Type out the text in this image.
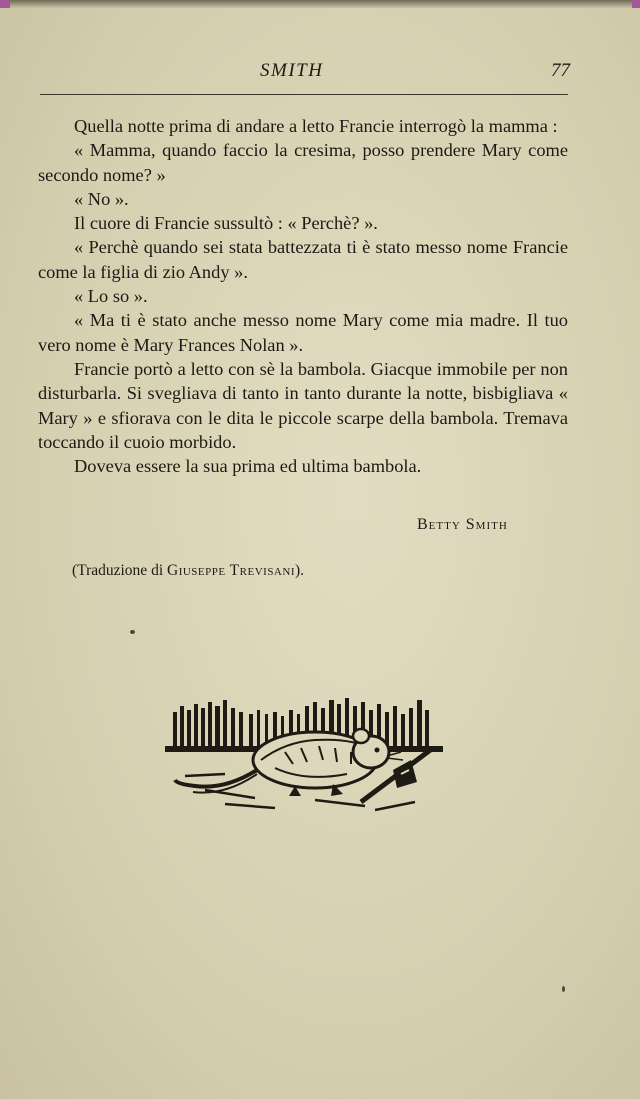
SMITH	77

Quella notte prima di andare a letto Francie interrogò la mamma :

« Mamma, quando faccio la cresima, posso prendere Mary come secondo nome? »

« No ».

Il cuore di Francie sussultò : « Perchè? ».

« Perchè quando sei stata battezzata ti è stato messo nome Francie come la figlia di zio Andy ».

« Lo so ».

« Ma ti è stato anche messo nome Mary come mia madre. Il tuo vero nome è Mary Frances Nolan ».

Francie portò a letto con sè la bambola. Giacque immobile per non disturbarla. Si svegliava di tanto in tanto durante la notte, bisbigliava « Mary » e sfiorava con le dita le piccole scarpe della bambola. Tremava toccando il cuoio morbido.

Doveva essere la sua prima ed ultima bambola.

Betty Smith
(Traduzione di Giuseppe Trevisani).
